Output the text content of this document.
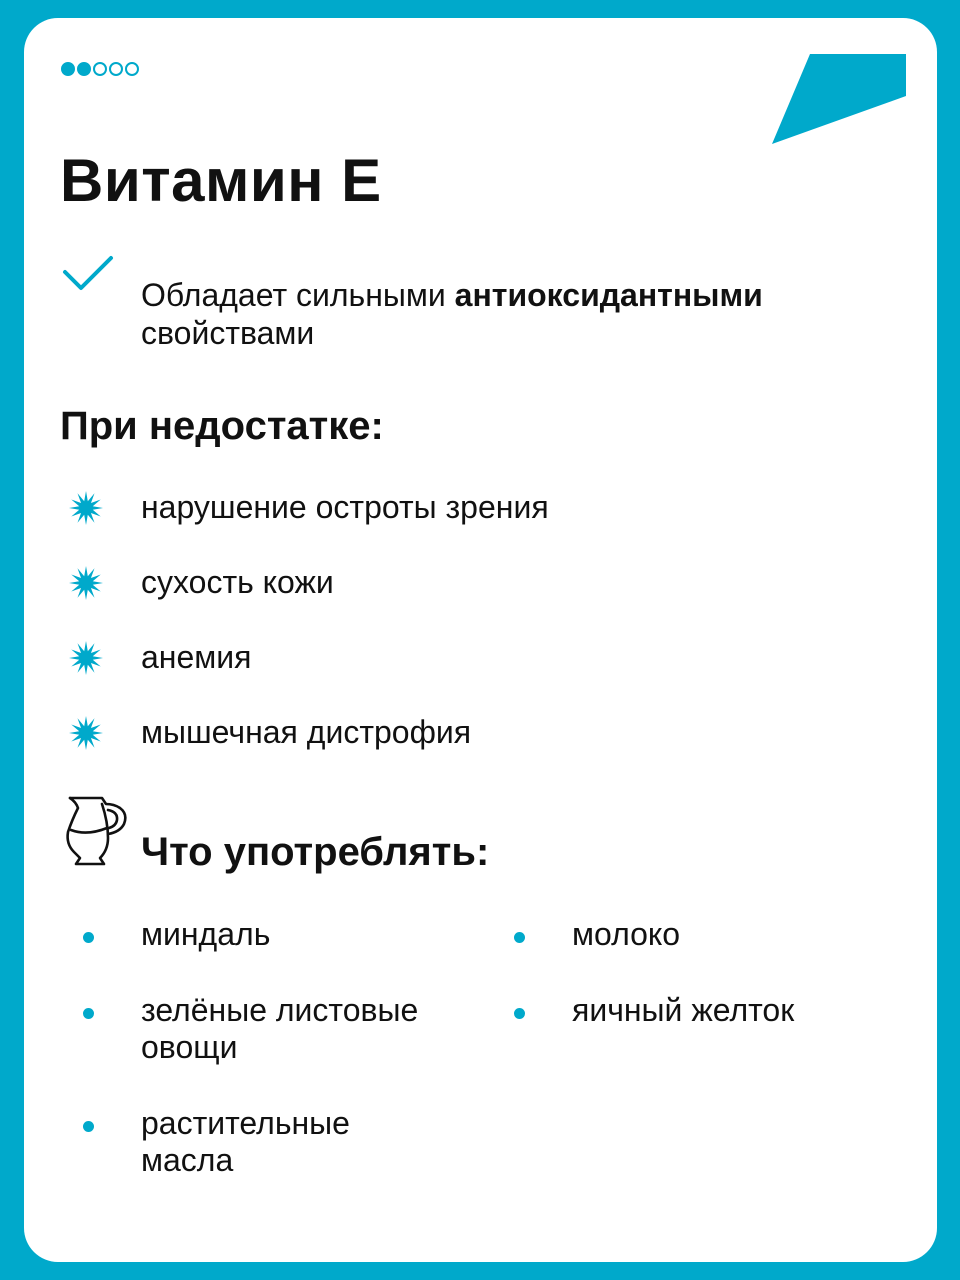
Витамин E

Обладает сильными антиоксидантными свойствами

При недостатке:
нарушение остроты зрения
сухость кожи
анемия
мышечная дистрофия
Что употреблять:
миндаль
зелёные листовые овощи
растительные масла
молоко
яичный желток
